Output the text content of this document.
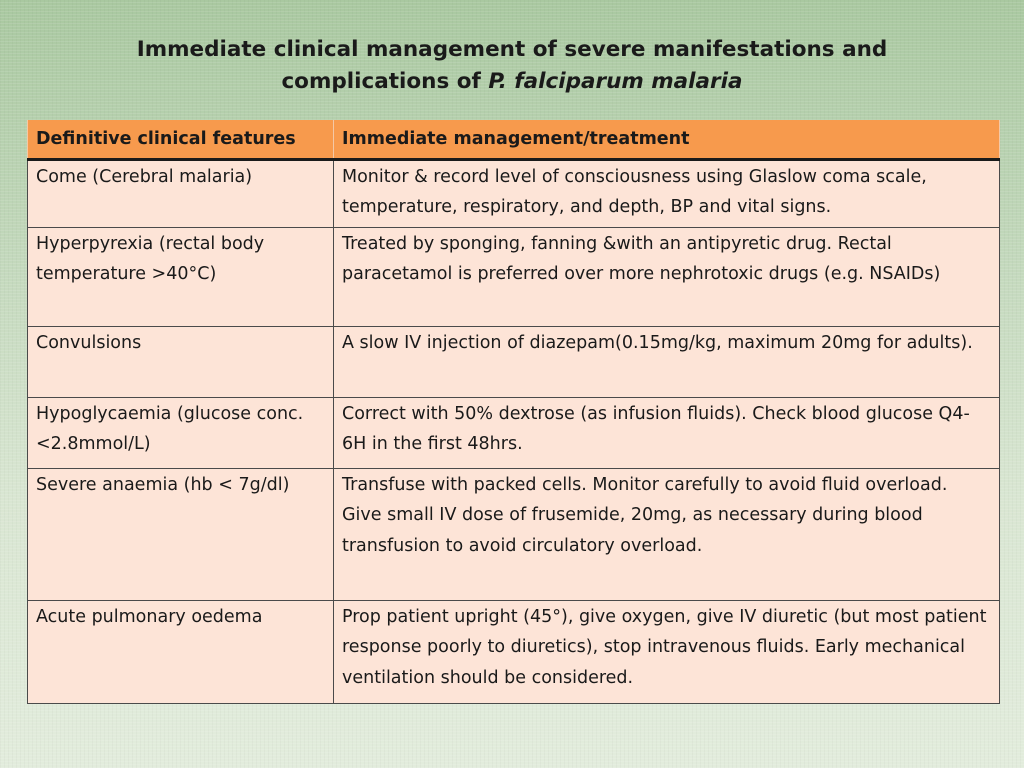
Immediate clinical management of severe manifestations and
complications of P. falciparum malaria
Definitive clinical features	Immediate management/treatment
Come (Cerebral malaria)	Monitor & record level of consciousness using Glaslow coma scale, temperature, respiratory, and depth, BP and vital signs.
Hyperpyrexia (rectal body temperature >40°C)	Treated by sponging, fanning &with an antipyretic drug. Rectal paracetamol is preferred over more nephrotoxic drugs (e.g. NSAIDs)
Convulsions	A slow IV injection of diazepam(0.15mg/kg, maximum 20mg for adults).
Hypoglycaemia (glucose conc. <2.8mmol/L)	Correct with 50% dextrose (as infusion fluids). Check blood glucose Q4-6H in the first 48hrs.
Severe anaemia (hb < 7g/dl)	Transfuse with packed cells. Monitor carefully to avoid fluid overload. Give small IV dose of frusemide, 20mg, as necessary during blood transfusion to avoid circulatory overload.
Acute pulmonary oedema	Prop patient upright (45°), give oxygen, give IV diuretic (but most patient response poorly to diuretics), stop intravenous fluids. Early mechanical ventilation should be considered.
